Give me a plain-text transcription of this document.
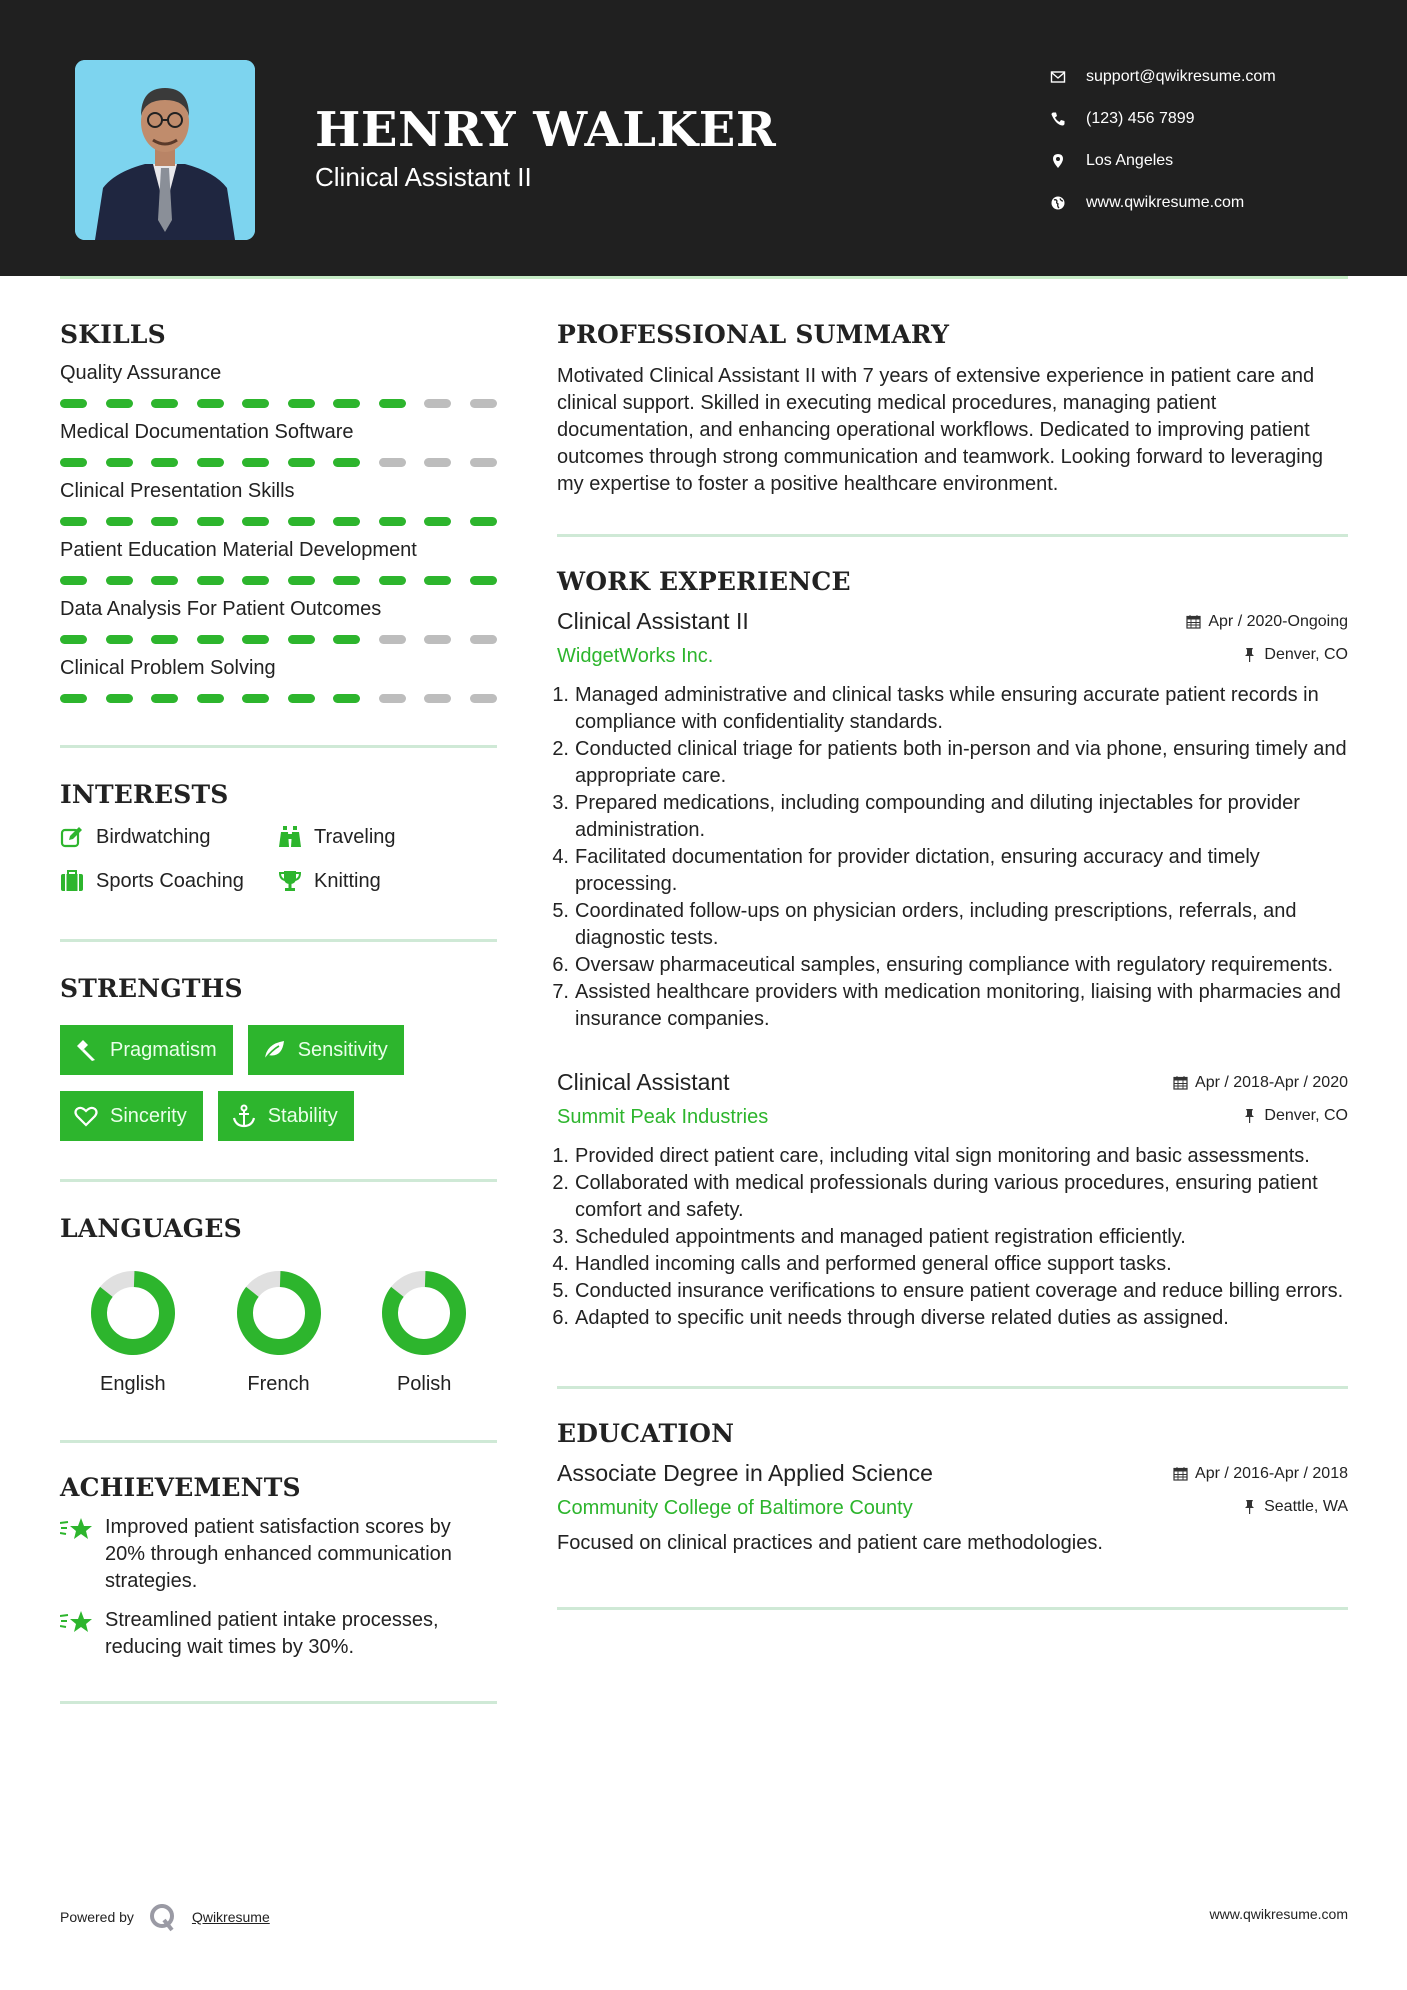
HENRY WALKER
Clinical Assistant II
support@qwikresume.com
(123) 456 7899
Los Angeles
www.qwikresume.com
SKILLS
Quality Assurance
Medical Documentation Software
Clinical Presentation Skills
Patient Education Material Development
Data Analysis For Patient Outcomes
Clinical Problem Solving
INTERESTS
Birdwatching	Traveling
Sports Coaching	Knitting
STRENGTHS
Pragmatism	Sensitivity
Sincerity	Stability
LANGUAGES
English	French	Polish
ACHIEVEMENTS
Improved patient satisfaction scores by 20% through enhanced communication strategies.
Streamlined patient intake processes, reducing wait times by 30%.
PROFESSIONAL SUMMARY

Motivated Clinical Assistant II with 7 years of extensive experience in patient care and clinical support. Skilled in executing medical procedures, managing patient documentation, and enhancing operational workflows. Dedicated to improving patient outcomes through strong communication and teamwork. Looking forward to leveraging my expertise to foster a positive healthcare environment.

WORK EXPERIENCE
Clinical Assistant II	Apr / 2020-Ongoing
WidgetWorks Inc.	Denver, CO
1. Managed administrative and clinical tasks while ensuring accurate patient records in compliance with confidentiality standards.
2. Conducted clinical triage for patients both in-person and via phone, ensuring timely and appropriate care.
3. Prepared medications, including compounding and diluting injectables for provider administration.
4. Facilitated documentation for provider dictation, ensuring accuracy and timely processing.
5. Coordinated follow-ups on physician orders, including prescriptions, referrals, and diagnostic tests.
6. Oversaw pharmaceutical samples, ensuring compliance with regulatory requirements.
7. Assisted healthcare providers with medication monitoring, liaising with pharmacies and insurance companies.
Clinical Assistant	Apr / 2018-Apr / 2020
Summit Peak Industries	Denver, CO
1. Provided direct patient care, including vital sign monitoring and basic assessments.
2. Collaborated with medical professionals during various procedures, ensuring patient comfort and safety.
3. Scheduled appointments and managed patient registration efficiently.
4. Handled incoming calls and performed general office support tasks.
5. Conducted insurance verifications to ensure patient coverage and reduce billing errors.
6. Adapted to specific unit needs through diverse related duties as assigned.
EDUCATION
Associate Degree in Applied Science	Apr / 2016-Apr / 2018
Community College of Baltimore County	Seattle, WA
Focused on clinical practices and patient care methodologies.
Powered by	Qwikresume	www.qwikresume.com
